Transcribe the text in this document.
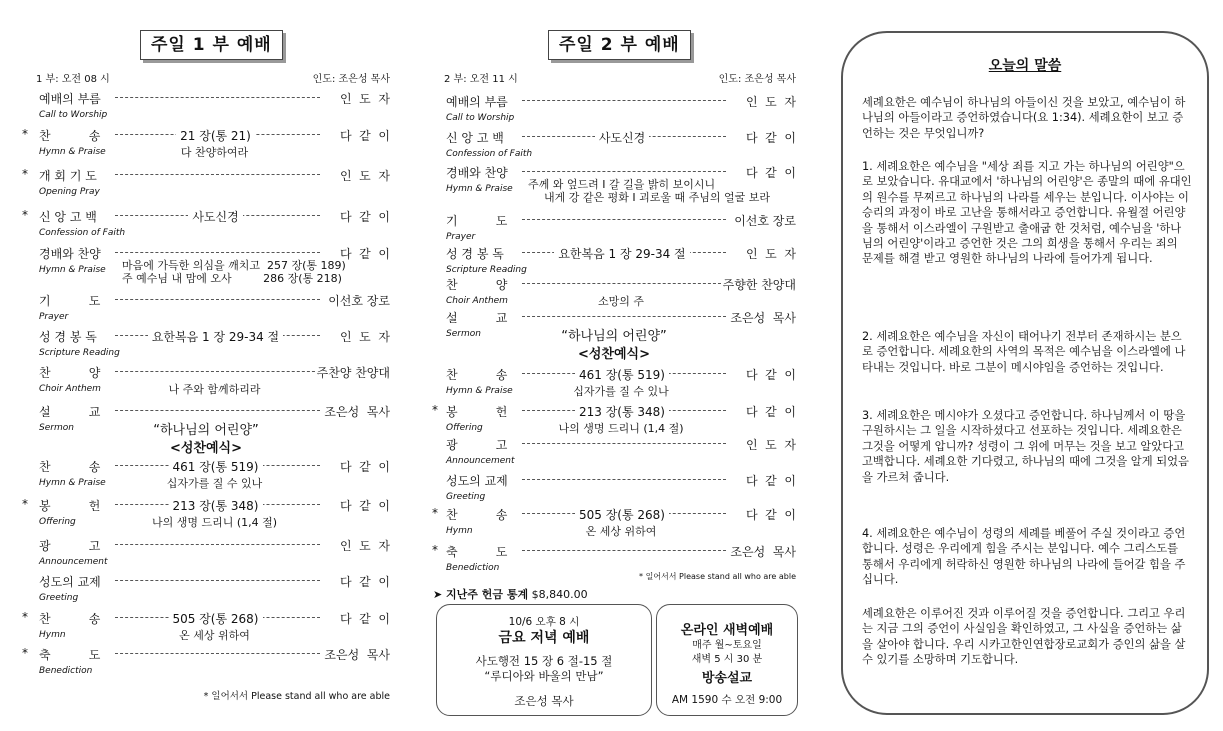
주일 1 부 예배
1 부: 오전 08 시	인도: 조은성 목사
예배의 부름	인  도  자
Call to Worship
* 찬          송	21 장(통 21)	다  같  이
Hymn & Praise	다 찬양하여라
* 개 회 기 도	인  도  자
Opening Pray
* 신 앙 고 백	사도신경	다  같  이
Confession of Faith
경배와 찬양	다  같  이
Hymn & Praise 마음에 가득한 의심을 깨치고  257 장(통 189)
주 예수님 내 맘에 오사         286 장(통 218)
기          도	이선호 장로
Prayer
성 경 봉 독	요한복음 1 장 29-34 절	인  도  자
Scripture Reading
찬          양	주찬양 찬양대
Choir Anthem	나 주와 함께하리라
설          교	조은성  목사
Sermon	“하나님의 어린양”
<성찬예식>
찬          송	461 장(통 519)	다  같  이
Hymn & Praise	십자가를 질 수 있나
* 봉          헌	213 장(통 348)	다  같  이
Offering	나의 생명 드리니 (1,4 절)
광          고	인  도  자
Announcement
성도의 교제	다  같  이
Greeting
* 찬          송	505 장(통 268)	다  같  이
Hymn	온 세상 위하여
* 축          도	조은성  목사
Benediction
* 일어서서 Please stand all who are able
주일 2 부 예배
2 부: 오전 11 시	인도: 조은성 목사
예배의 부름	인  도  자
Call to Worship
신 앙 고 백	사도신경	다  같  이
Confession of Faith
경배와 찬양	다  같  이
Hymn & Praise 주께 와 엎드려 I 갈 길을 밝히 보이시니
내게 강 같은 평화 I 괴로울 때 주님의 얼굴 보라
기          도	이선호 장로
Prayer
성 경 봉 독	요한복음 1 장 29-34 절	인  도  자
Scripture Reading
찬          양	주향한 찬양대
Choir Anthem	소망의 주
설          교	조은성  목사
Sermon	“하나님의 어린양”
<성찬예식>
찬          송	461 장(통 519)	다  같  이
Hymn & Praise	십자가를 질 수 있나
* 봉          헌	213 장(통 348)	다  같  이
Offering	나의 생명 드리니 (1,4 절)
광          고	인  도  자
Announcement
성도의 교제	다  같  이
Greeting
* 찬          송	505 장(통 268)	다  같  이
Hymn	온 세상 위하여
* 축          도	조은성  목사
Benediction
* 일어서서 Please stand all who are able
➤ 지난주 헌금 통계 $8,840.00
10/6 오후 8 시
금요 저녁 예배
사도행전 15 장 6 절-15 절
“루디아와 바울의 만남”
조은성 목사
온라인 새벽예배
매주 월~토요일
새벽 5 시 30 분
방송설교
AM 1590 수 오전 9:00
오늘의 말씀
세례요한은 예수님이 하나님의 아들이신 것을 보았고, 예수님이 하나님의 아들이라고 증언하였습니다(요 1:34). 세례요한이 보고 증언하는 것은 무엇입니까?
1. 세례요한은 예수님을 "세상 죄를 지고 가는 하나님의 어린양"으로 보았습니다. 유대교에서 '하나님의 어린양'은 종말의 때에 유대인의 원수를 무찌르고 하나님의 나라를 세우는 분입니다. 이사야는 이 승리의 과정이 바로 고난을 통해서라고 증언합니다. 유월절 어린양을 통해서 이스라엘이 구원받고 출애굽 한 것처럼, 예수님을 '하나님의 어린양'이라고 증언한 것은 그의 희생을 통해서 우리는 죄의 문제를 해결 받고 영원한 하나님의 나라에 들어가게 됩니다.
2. 세례요한은 예수님을 자신이 태어나기 전부터 존재하시는 분으로 증언합니다. 세례요한의 사역의 목적은 예수님을 이스라엘에 나타내는 것입니다. 바로 그분이 메시야임을 증언하는 것입니다.
3. 세례요한은 메시야가 오셨다고 증언합니다. 하나님께서 이 땅을 구원하시는 그 일을 시작하셨다고 선포하는 것입니다. 세례요한은 그것을 어떻게 압니까? 성령이 그 위에 머무는 것을 보고 알았다고 고백합니다. 세례요한 기다렸고, 하나님의 때에 그것을 알게 되었음을 가르쳐 줍니다.
4. 세례요한은 예수님이 성령의 세례를 베풀어 주실 것이라고 증언합니다. 성령은 우리에게 힘을 주시는 분입니다. 예수 그리스도를 통해서 우리에게 허락하신 영원한 하나님의 나라에 들어갈 힘을 주십니다.
세례요한은 이루어진 것과 이루어질 것을 증언합니다. 그리고 우리는 지금 그의 증언이 사실임을 확인하였고, 그 사실을 증언하는 삶을 살아야 합니다. 우리 시카고한인연합장로교회가 증인의 삶을 살 수 있기를 소망하며 기도합니다.
